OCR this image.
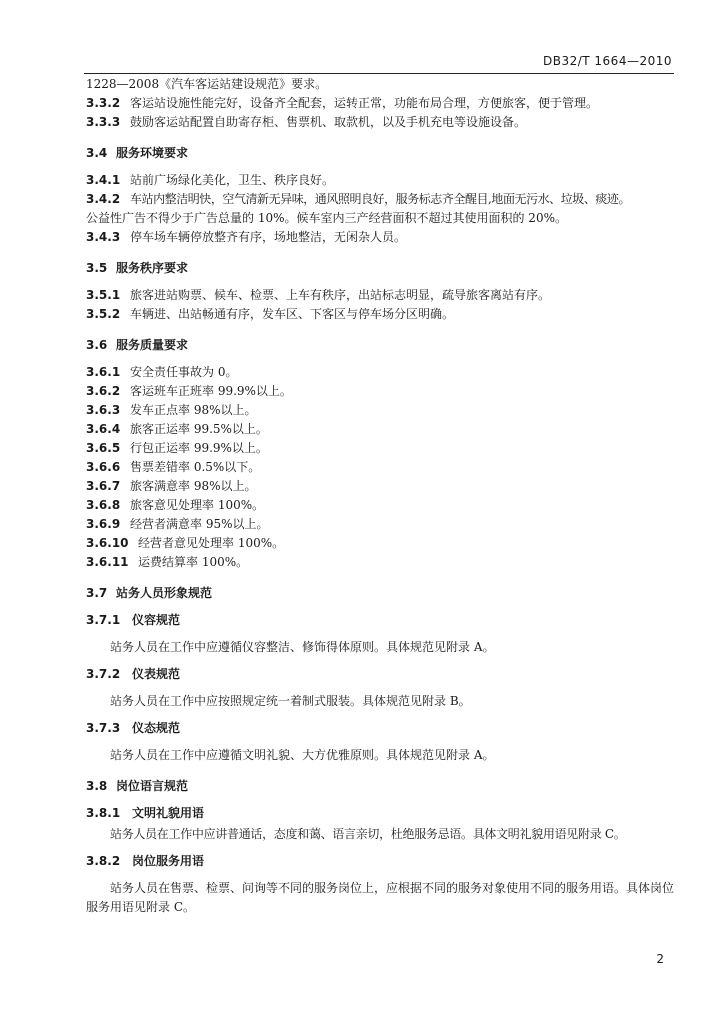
DB32/T 1664—2010
1228—2008《汽车客运站建设规范》要求。
3.3.2 客运站设施性能完好，设备齐全配套，运转正常，功能布局合理，方便旅客，便于管理。
3.3.3 鼓励客运站配置自助寄存柜、售票机、取款机，以及手机充电等设施设备。
3.4 服务环境要求
3.4.1 站前广场绿化美化，卫生、秩序良好。
3.4.2 车站内整洁明快，空气清新无异味，通风照明良好，服务标志齐全醒目,地面无污水、垃圾、痰迹。
公益性广告不得少于广告总量的 10%。候车室内三产经营面积不超过其使用面积的 20%。
3.4.3 停车场车辆停放整齐有序，场地整洁，无闲杂人员。
3.5 服务秩序要求
3.5.1 旅客进站购票、候车、检票、上车有秩序，出站标志明显，疏导旅客离站有序。
3.5.2 车辆进、出站畅通有序，发车区、下客区与停车场分区明确。
3.6 服务质量要求
3.6.1 安全责任事故为 0。
3.6.2 客运班车正班率 99.9%以上。
3.6.3 发车正点率 98%以上。
3.6.4 旅客正运率 99.5%以上。
3.6.5 行包正运率 99.9%以上。
3.6.6 售票差错率 0.5%以下。
3.6.7 旅客满意率 98%以上。
3.6.8 旅客意见处理率 100%。
3.6.9 经营者满意率 95%以上。
3.6.10 经营者意见处理率 100%。
3.6.11 运费结算率 100%。
3.7 站务人员形象规范
3.7.1 仪容规范
站务人员在工作中应遵循仪容整洁、修饰得体原则。具体规范见附录 A。
3.7.2 仪表规范
站务人员在工作中应按照规定统一着制式服装。具体规范见附录 B。
3.7.3 仪态规范
站务人员在工作中应遵循文明礼貌、大方优雅原则。具体规范见附录 A。
3.8 岗位语言规范
3.8.1 文明礼貌用语
站务人员在工作中应讲普通话，态度和蔼、语言亲切，杜绝服务忌语。具体文明礼貌用语见附录 C。
3.8.2 岗位服务用语
站务人员在售票、检票、问询等不同的服务岗位上，应根据不同的服务对象使用不同的服务用语。具体岗位服务用语见附录 C。
2
